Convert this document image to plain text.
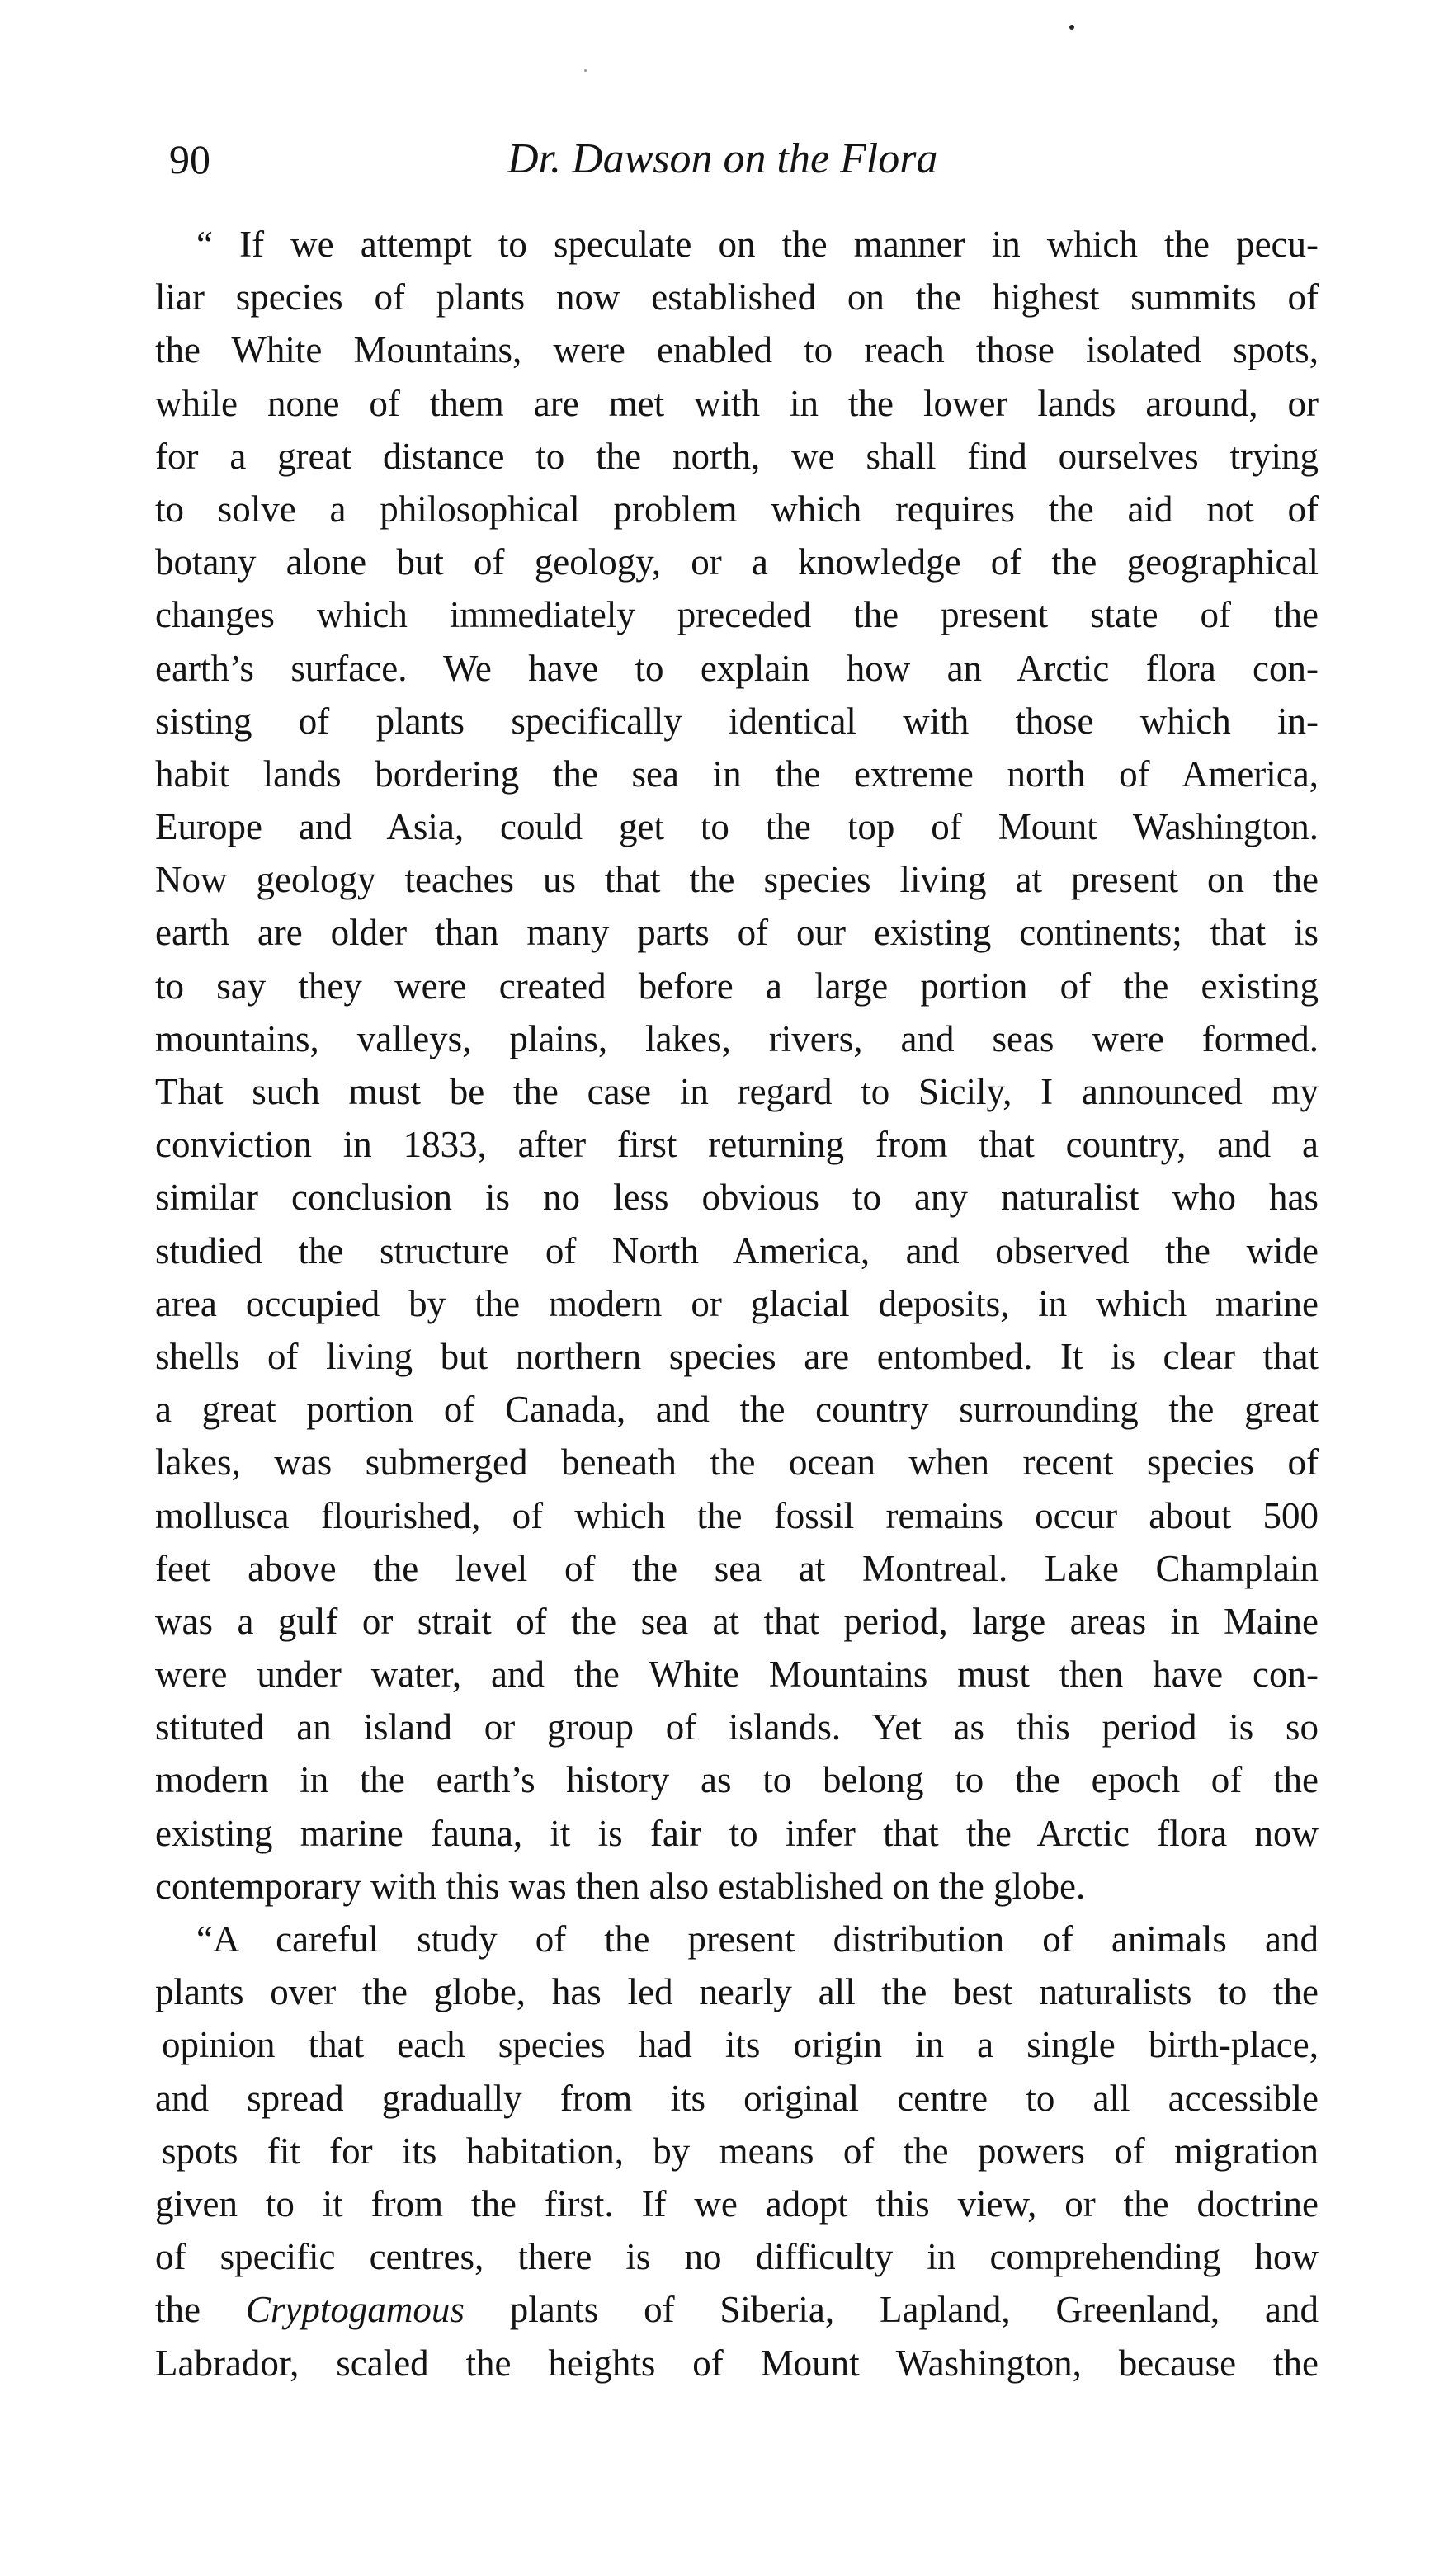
90	Dr. Dawson on the Flora
“ If we attempt to speculate on the manner in which the pecu-
liar species of plants now established on the highest summits of
the White Mountains, were enabled to reach those isolated spots,
while none of them are met with in the lower lands around, or
for a great distance to the north, we shall find ourselves trying
to solve a philosophical problem which requires the aid not of
botany alone but of geology, or a knowledge of the geographical
changes which immediately preceded the present state of the
earth’s surface. We have to explain how an Arctic flora con-
sisting of plants specifically identical with those which in-
habit lands bordering the sea in the extreme north of America,
Europe and Asia, could get to the top of Mount Washington.
Now geology teaches us that the species living at present on the
earth are older than many parts of our existing continents; that is
to say they were created before a large portion of the existing
mountains, valleys, plains, lakes, rivers, and seas were formed.
That such must be the case in regard to Sicily, I announced my
conviction in 1833, after first returning from that country, and a
similar conclusion is no less obvious to any naturalist who has
studied the structure of North America, and observed the wide
area occupied by the modern or glacial deposits, in which marine
shells of living but northern species are entombed. It is clear that
a great portion of Canada, and the country surrounding the great
lakes, was submerged beneath the ocean when recent species of
mollusca flourished, of which the fossil remains occur about 500
feet above the level of the sea at Montreal. Lake Champlain
was a gulf or strait of the sea at that period, large areas in Maine
were under water, and the White Mountains must then have con-
stituted an island or group of islands. Yet as this period is so
modern in the earth’s history as to belong to the epoch of the
existing marine fauna, it is fair to infer that the Arctic flora now
contemporary with this was then also established on the globe.
“A careful study of the present distribution of animals and
plants over the globe, has led nearly all the best naturalists to the
opinion that each species had its origin in a single birth-place,
and spread gradually from its original centre to all accessible
spots fit for its habitation, by means of the powers of migration
given to it from the first. If we adopt this view, or the doctrine
of specific centres, there is no difficulty in comprehending how
the Cryptogamous plants of Siberia, Lapland, Greenland, and
Labrador, scaled the heights of Mount Washington, because the
